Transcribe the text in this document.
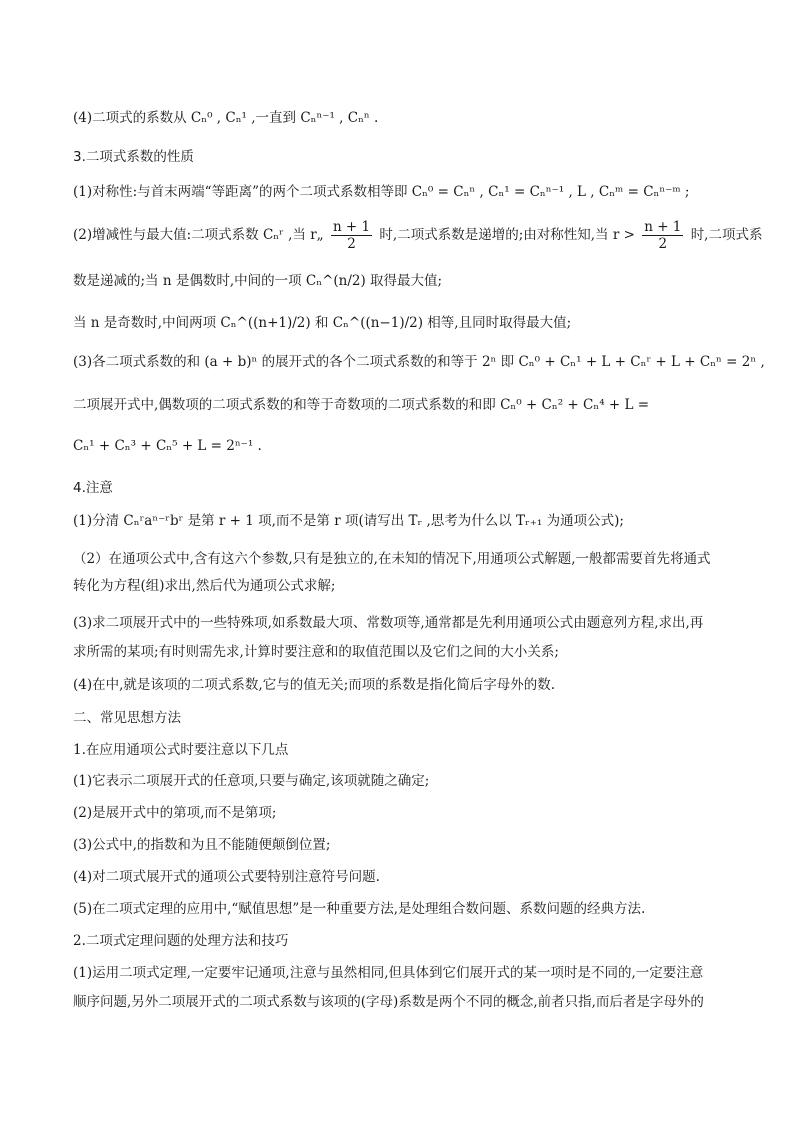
(4)二项式的系数从 Cₙ⁰ , Cₙ¹ ,一直到 Cₙⁿ⁻¹ , Cₙⁿ .
3.二项式系数的性质
(1)对称性:与首末两端“等距离”的两个二项式系数相等即 Cₙ⁰ = Cₙⁿ , Cₙ¹ = Cₙⁿ⁻¹ , L , Cₙᵐ = Cₙⁿ⁻ᵐ ;
(2)增减性与最大值:二项式系数 Cₙʳ ,当 r„ $\frac{n + 1}{2}$ 时,二项式系数是递增的;由对称性知,当 $r > \frac{n + 1}{2}$ 时,二项式系
数是递减的;当 n 是偶数时,中间的一项 Cₙ^(n/2) 取得最大值;
当 n 是奇数时,中间两项 Cₙ^((n+1)/2) 和 Cₙ^((n−1)/2) 相等,且同时取得最大值;
(3)各二项式系数的和 (a + b)ⁿ 的展开式的各个二项式系数的和等于 2ⁿ 即 Cₙ⁰ + Cₙ¹ + L + Cₙʳ + L + Cₙⁿ = 2ⁿ ,
二项展开式中,偶数项的二项式系数的和等于奇数项的二项式系数的和即 Cₙ⁰ + Cₙ² + Cₙ⁴ + L =
Cₙ¹ + Cₙ³ + Cₙ⁵ + L = 2ⁿ⁻¹ .
4.注意
(1)分清 Cₙʳaⁿ⁻ʳbʳ 是第 r + 1 项,而不是第 r 项(请写出 Tᵣ ,思考为什么以 Tᵣ₊₁ 为通项公式);
（2）在通项公式中,含有这六个参数,只有是独立的,在未知的情况下,用通项公式解题,一般都需要首先将通式
转化为方程(组)求出,然后代为通项公式求解;
(3)求二项展开式中的一些特殊项,如系数最大项、常数项等,通常都是先利用通项公式由题意列方程,求出,再
求所需的某项;有时则需先求,计算时要注意和的取值范围以及它们之间的大小关系;
(4)在中,就是该项的二项式系数,它与的值无关;而项的系数是指化简后字母外的数.
二、常见思想方法
1.在应用通项公式时要注意以下几点
(1)它表示二项展开式的任意项,只要与确定,该项就随之确定;
(2)是展开式中的第项,而不是第项;
(3)公式中,的指数和为且不能随便颠倒位置;
(4)对二项式展开式的通项公式要特别注意符号问题.
(5)在二项式定理的应用中,“赋值思想”是一种重要方法,是处理组合数问题、系数问题的经典方法.
2.二项式定理问题的处理方法和技巧
(1)运用二项式定理,一定要牢记通项,注意与虽然相同,但具体到它们展开式的某一项时是不同的,一定要注意
顺序问题,另外二项展开式的二项式系数与该项的(字母)系数是两个不同的概念,前者只指,而后者是字母外的
